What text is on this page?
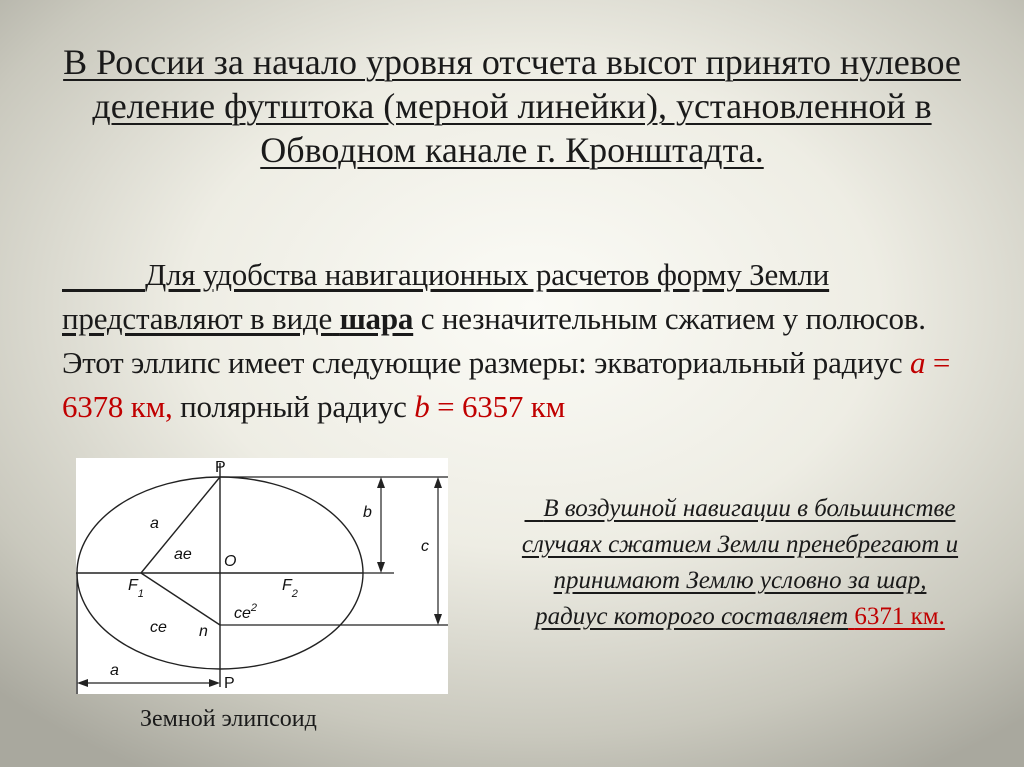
В России за начало уровня отсчета высот принято нулевое деление футштока (мерной линейки), установленной в Обводном канале г. Кронштадта.
Для удобства навигационных расчетов форму Земли представляют в виде шара с незначительным сжатием у полюсов. Этот эллипс имеет следующие размеры: экваториальный радиус a = 6378 км, полярный радиус b = 6357 км
P
a
ae O
$F_1$	$F_2$
$ce^2$
ce n
b
c
a
P
Земной элипсоид
В воздушной навигации в большинстве случаях сжатием Земли пренебрегают и принимают Землю условно за шар, радиус которого составляет 6371 км.
